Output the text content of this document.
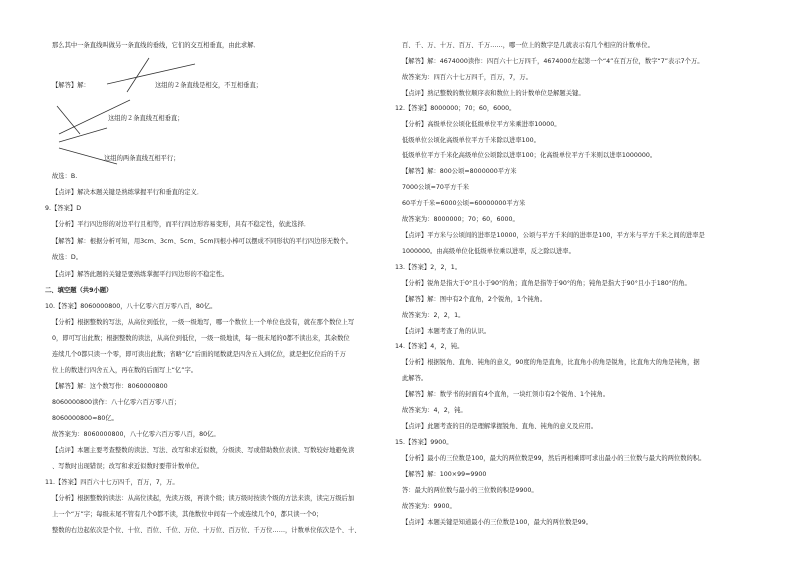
那么其中一条直线叫做另一条直线的垂线，它们的交互相垂直，由此求解．
【解答】解：	这组的２条直线是相交，不互相垂直；
这组的２条直线互相垂直；
这组的两条直线互相平行；
故选：B.
【点评】解决本题关键是熟练掌握平行和垂直的定义．
9.【答案】D
【分析】平行四边形的对边平行且相等，而平行四边形容易变形，具有不稳定性，依此选择．
【解答】解：根据分析可知，用3cm、3cm、5cm、5cm四根小棒可以摆成不同形状的平行四边形无数个。
故选：D。
【点评】解答此题的关键是要熟练掌握平行四边形的不稳定性。
二、填空题（共9小题）
10.【答案】8060000800，八十亿零六百万零八百，80亿。
【分析】根据整数的写法，从高位到低位，一级一级地写，哪一个数位上一个单位也没有，就在那个数位上写
0，即可写出此数；根据整数的读法，从高位到低位，一级一级地读，每一级末尾的0都不读出来，其余数位
连续几个0都只读一个零，即可读出此数；省略“亿”后面的尾数就是四舍五入到亿位，就是把亿位后的千万
位上的数进行四舍五入，再在数的后面写上“亿”字。
【解答】解：这个数写作：8060000800
8060000800读作：八十亿零六百万零八百；
8060000800≈80亿。
故答案为：8060000800，八十亿零六百万零八百，80亿。
【点评】本题主要考查整数的读法、写法、改写和求近似数，分级读、写或借助数位表读、写数较好地避免读
、写数时出现错误；改写和求近似数时要带计数单位。
11.【答案】四百六十七万四千，百万，7，万。
【分析】根据整数的读法：从高位读起，先读万级，再读个级；读万级时按读个级的方法来读，读完万级后加
上一个“万”字；每级末尾不管有几个0都不读，其他数位中间有一个或连续几个0，都只读一个0；
整数的右边起依次是个位、十位、百位、千位、万位、十万位、百万位、千万位……，计数单位依次是个、十、
百、千、万、十万、百万、千万……，哪一位上的数字是几就表示有几个相应的计数单位。
【解答】解：4674000读作：四百六十七万四千，4674000左起第一个“4”在百万位，数字“7”表示7个万。
故答案为：四百六十七万四千，百万，7，万。
【点评】熟记整数的数位顺序表和数位上的计数单位是解题关键。
12.【答案】8000000；70；60，6000。
【分析】高级单位公顷化低级单位平方米乘进率10000。
低级单位公顷化高级单位平方千米除以进率100。
低级单位平方千米化高级单位公顷除以进率100；化高级单位平方千米则以进率1000000。
【解答】解：800公顷=8000000平方米
7000公顷=70平方千米
60平方千米=6000公顷=60000000平方米
故答案为：8000000；70；60，6000。
【点评】平方米与公顷间的进率是10000，公顷与平方千米间的进率是100，平方米与平方千米之间的进率是
1000000。由高级单位化低级单位乘以进率，反之除以进率。
13.【答案】2，2，1。
【分析】锐角是指大于0°且小于90°的角；直角是指等于90°的角；钝角是指大于90°且小于180°的角。
【解答】解：图中有2个直角，2个锐角，1个钝角。
故答案为：2，2，1。
【点评】本题考查了角的认识。
14.【答案】4，2，钝。
【分析】根据锐角、直角、钝角的意义，90度的角是直角，比直角小的角是锐角，比直角大的角是钝角，据
此解答。
【解答】解：数学书的封面有4个直角，一块红领巾有2个锐角、1个钝角。
故答案为：4，2，钝。
【点评】此题考查的目的是理解掌握锐角、直角、钝角的意义及应用。
15.【答案】9900。
【分析】最小的三位数是100，最大的两位数是99，然后再相乘即可求出最小的三位数与最大的两位数的积。
【解答】解：100×99=9900
答：最大的两位数与最小的三位数的积是9900。
故答案为：9900。
【点评】本题关键是知道最小的三位数是100，最大的两位数是99。
